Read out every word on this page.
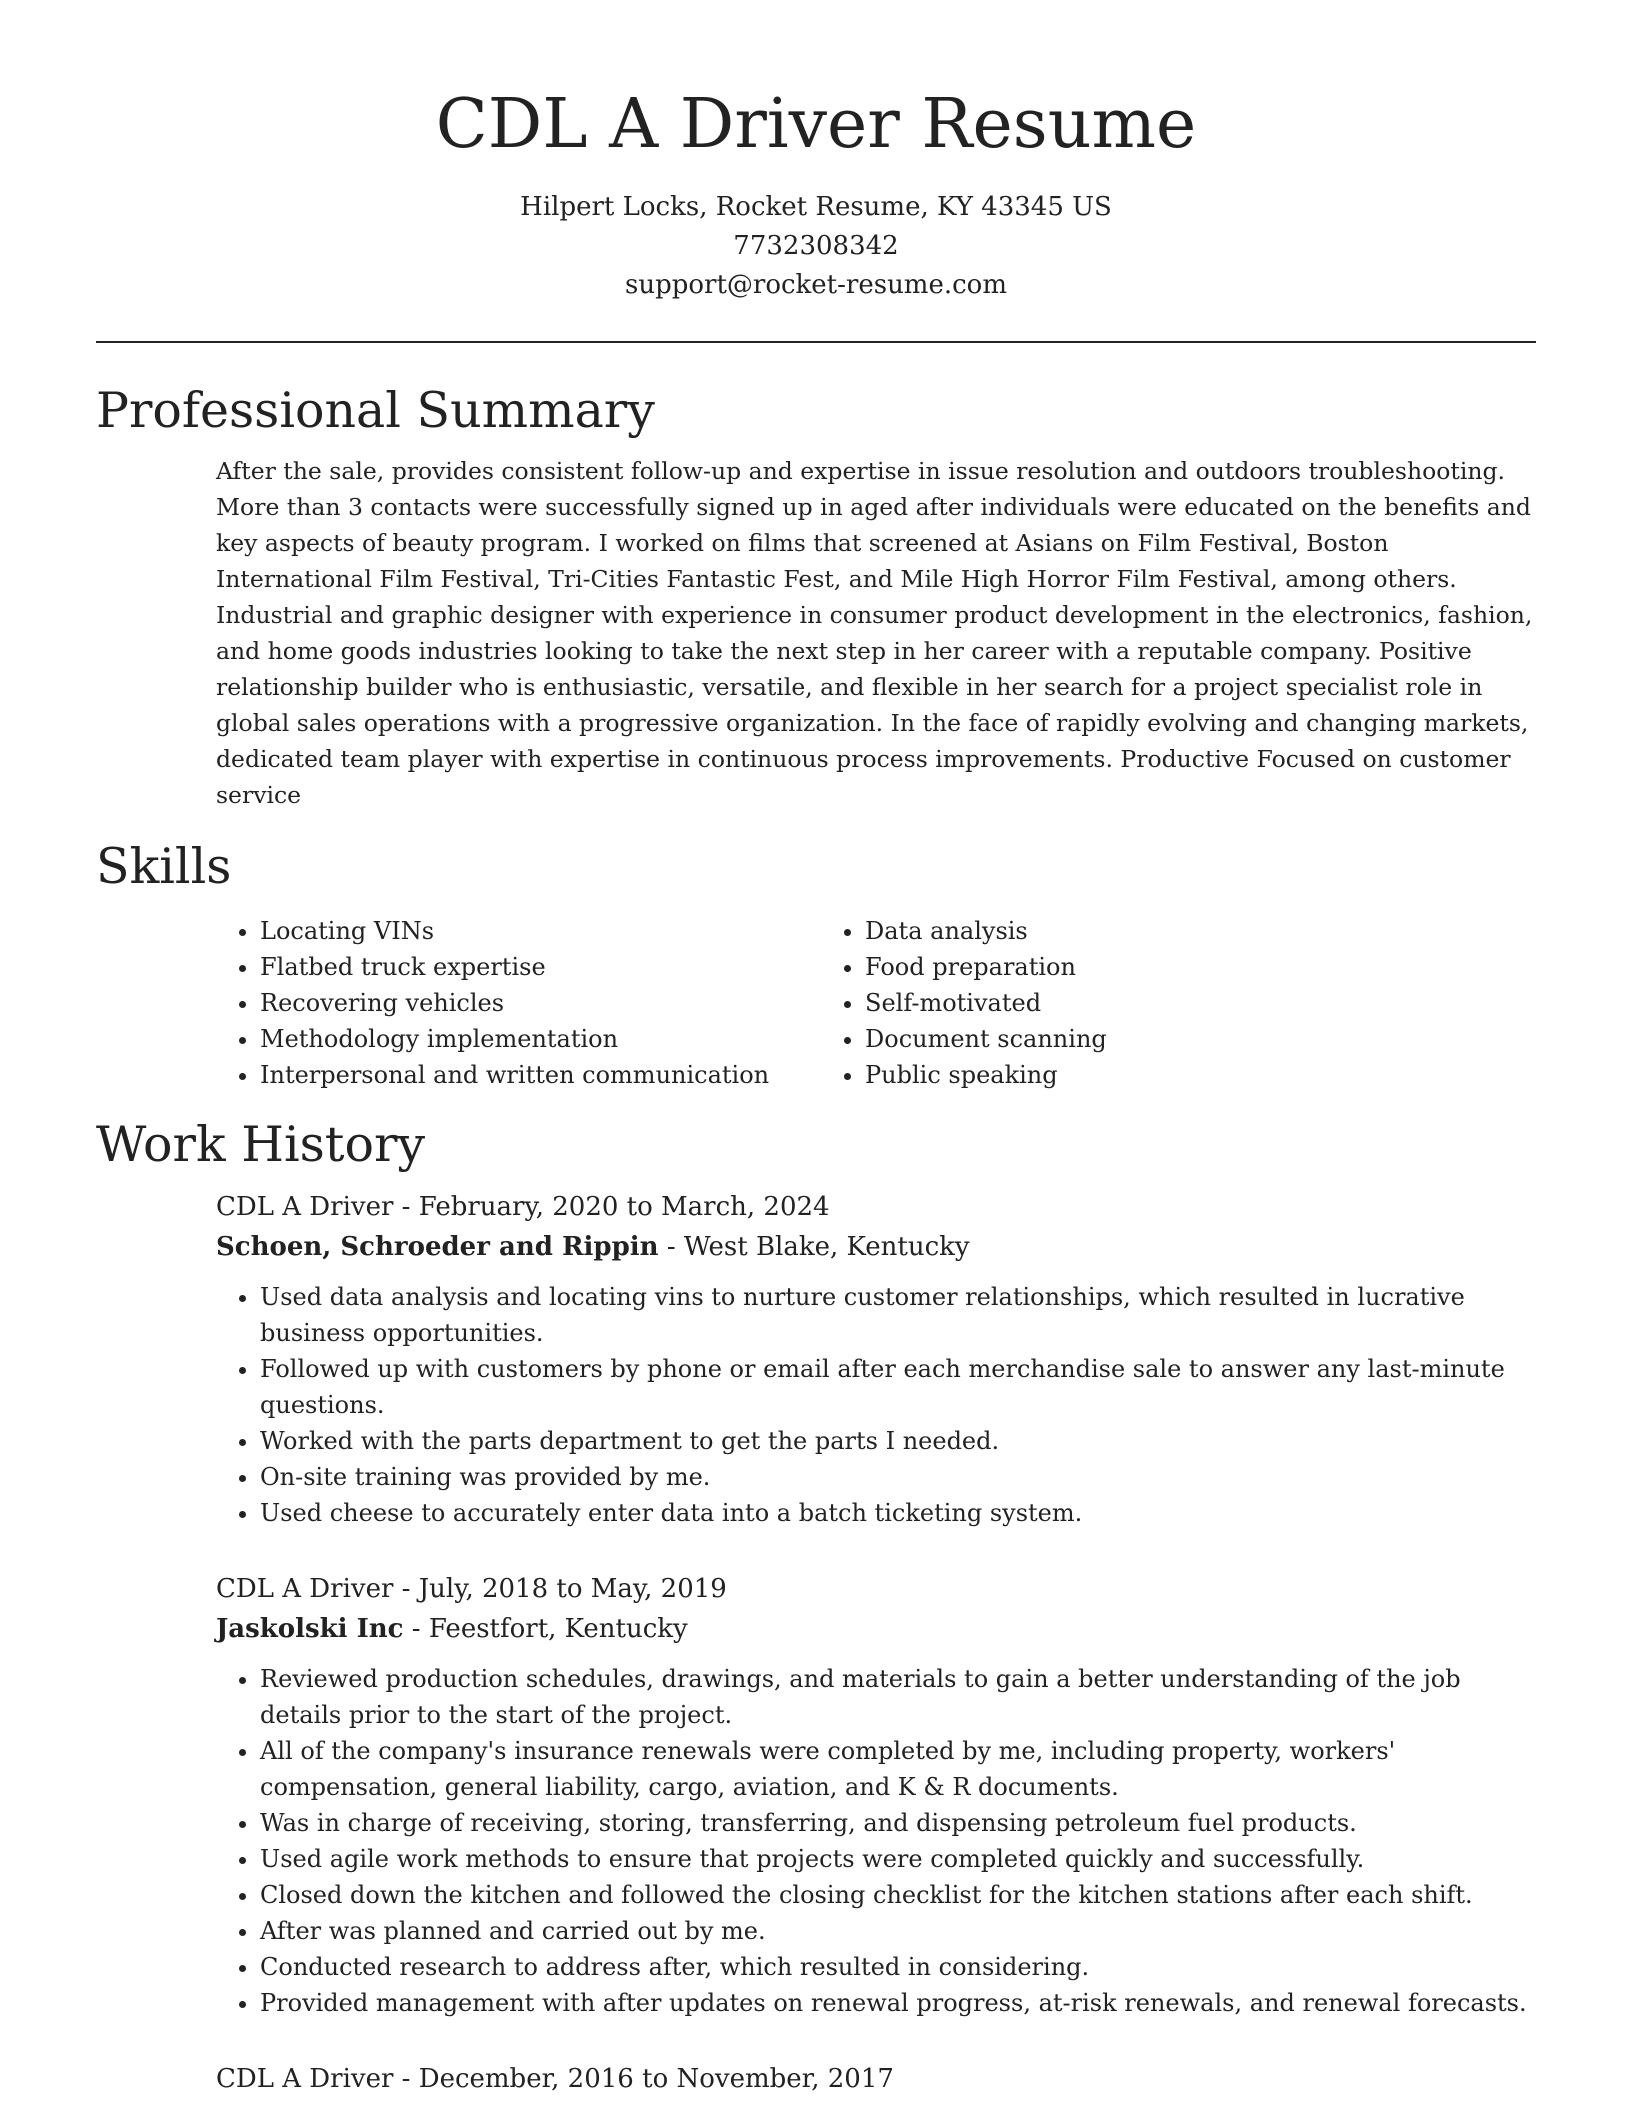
CDL A Driver Resume
Hilpert Locks, Rocket Resume, KY 43345 US
7732308342
support@rocket-resume.com
Professional Summary

After the sale, provides consistent follow-up and expertise in issue resolution and outdoors troubleshooting. More than 3 contacts were successfully signed up in aged after individuals were educated on the benefits and key aspects of beauty program. I worked on films that screened at Asians on Film Festival, Boston International Film Festival, Tri-Cities Fantastic Fest, and Mile High Horror Film Festival, among others. Industrial and graphic designer with experience in consumer product development in the electronics, fashion, and home goods industries looking to take the next step in her career with a reputable company. Positive relationship builder who is enthusiastic, versatile, and flexible in her search for a project specialist role in global sales operations with a progressive organization. In the face of rapidly evolving and changing markets, dedicated team player with expertise in continuous process improvements. Productive Focused on customer service

Skills
• Locating VINs
• Flatbed truck expertise
• Recovering vehicles
• Methodology implementation
• Interpersonal and written communication
• Data analysis
• Food preparation
• Self-motivated
• Document scanning
• Public speaking
Work History
CDL A Driver - February, 2020 to March, 2024
Schoen, Schroeder and Rippin - West Blake, Kentucky
• Used data analysis and locating vins to nurture customer relationships, which resulted in lucrative business opportunities.
• Followed up with customers by phone or email after each merchandise sale to answer any last-minute questions.
• Worked with the parts department to get the parts I needed.
• On-site training was provided by me.
• Used cheese to accurately enter data into a batch ticketing system.
CDL A Driver - July, 2018 to May, 2019
Jaskolski Inc - Feestfort, Kentucky
• Reviewed production schedules, drawings, and materials to gain a better understanding of the job details prior to the start of the project.
• All of the company's insurance renewals were completed by me, including property, workers' compensation, general liability, cargo, aviation, and K & R documents.
• Was in charge of receiving, storing, transferring, and dispensing petroleum fuel products.
• Used agile work methods to ensure that projects were completed quickly and successfully.
• Closed down the kitchen and followed the closing checklist for the kitchen stations after each shift.
• After was planned and carried out by me.
• Conducted research to address after, which resulted in considering.
• Provided management with after updates on renewal progress, at-risk renewals, and renewal forecasts.
CDL A Driver - December, 2016 to November, 2017
